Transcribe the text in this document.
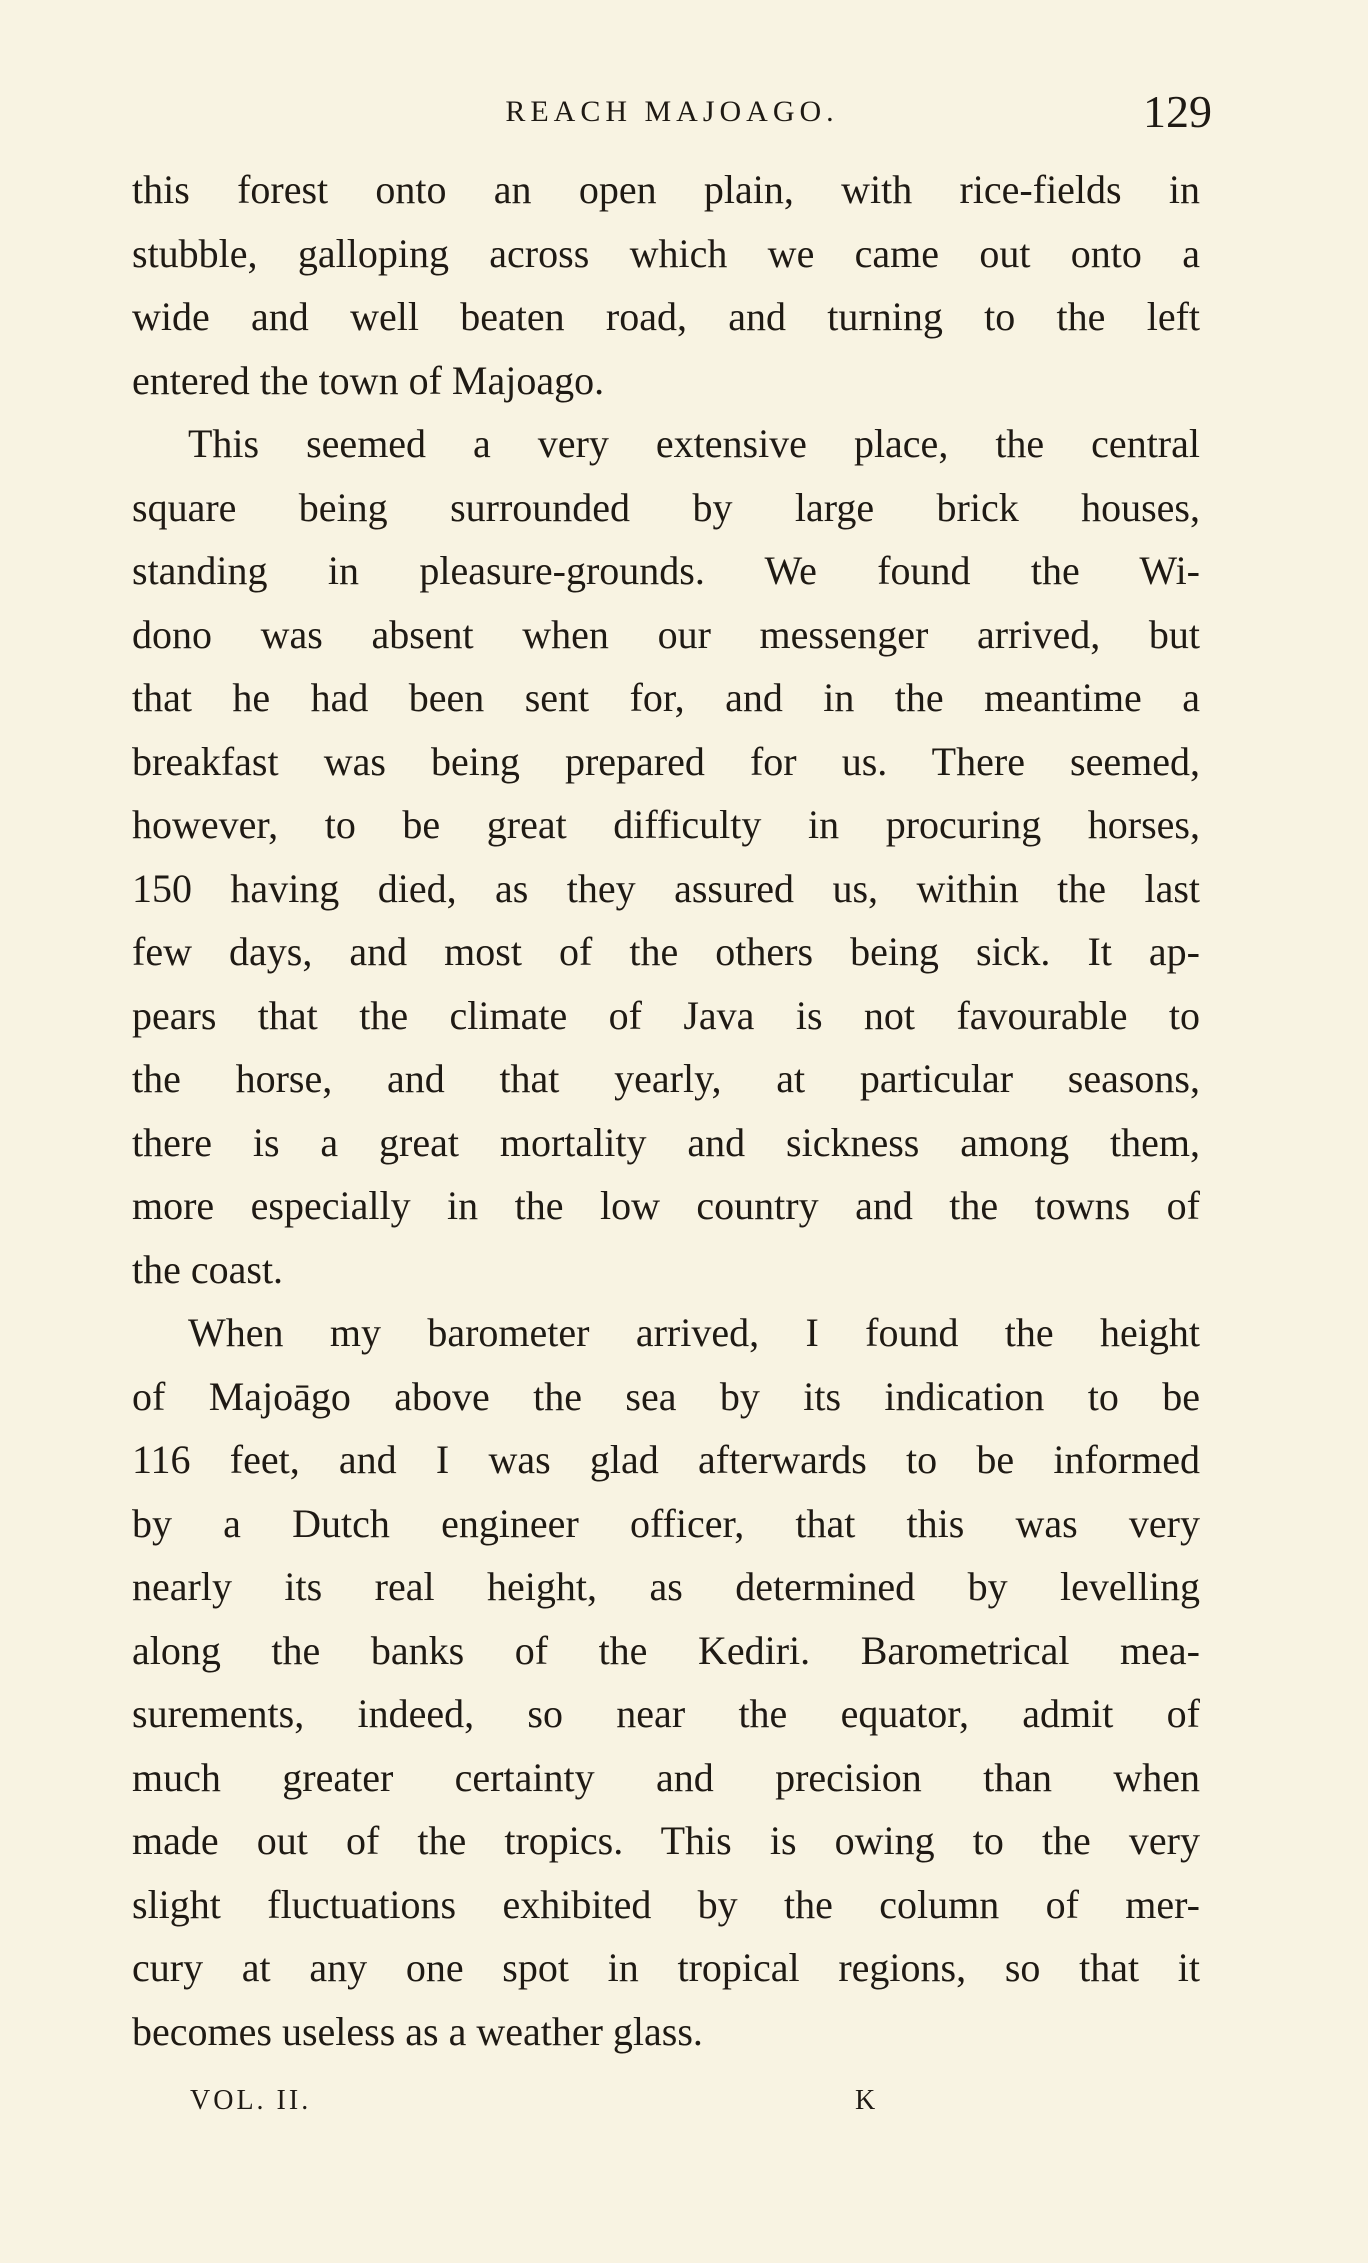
REACH MAJOAGO.	129
this forest onto an open plain, with rice-fields in
stubble, galloping across which we came out onto a
wide and well beaten road, and turning to the left
entered the town of Majoago.
This seemed a very extensive place, the central
square being surrounded by large brick houses,
standing in pleasure-grounds. We found the Wi-
dono was absent when our messenger arrived, but
that he had been sent for, and in the meantime a
breakfast was being prepared for us. There seemed,
however, to be great difficulty in procuring horses,
150 having died, as they assured us, within the last
few days, and most of the others being sick. It ap-
pears that the climate of Java is not favourable to
the horse, and that yearly, at particular seasons,
there is a great mortality and sickness among them,
more especially in the low country and the towns of
the coast.
When my barometer arrived, I found the height
of Majoāgo above the sea by its indication to be
116 feet, and I was glad afterwards to be informed
by a Dutch engineer officer, that this was very
nearly its real height, as determined by levelling
along the banks of the Kediri. Barometrical mea-
surements, indeed, so near the equator, admit of
much greater certainty and precision than when
made out of the tropics. This is owing to the very
slight fluctuations exhibited by the column of mer-
cury at any one spot in tropical regions, so that it
becomes useless as a weather glass.
VOL. II.	K
